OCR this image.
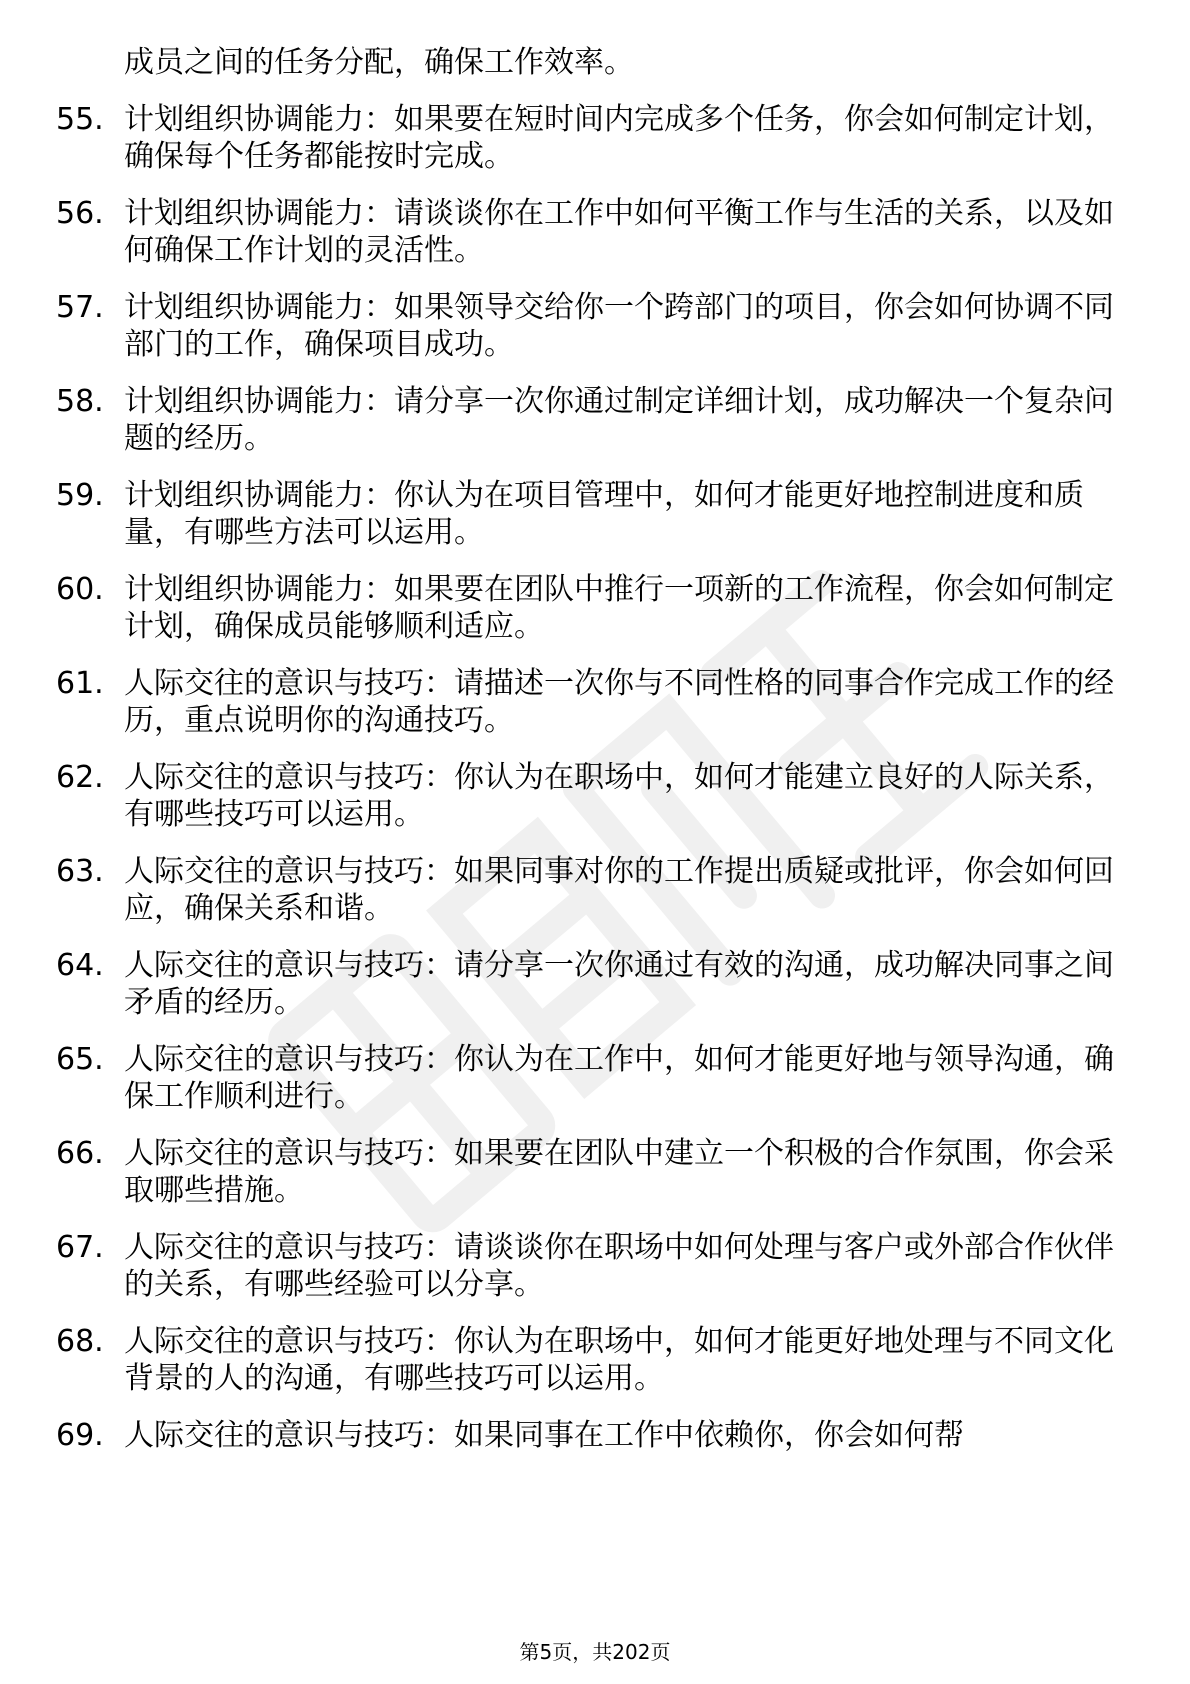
成员之间的任务分配，确保工作效率。
55. 计划组织协调能力：如果要在短时间内完成多个任务，你会如何制定计划，确保每个任务都能按时完成。
56. 计划组织协调能力：请谈谈你在工作中如何平衡工作与生活的关系，以及如何确保工作计划的灵活性。
57. 计划组织协调能力：如果领导交给你一个跨部门的项目，你会如何协调不同部门的工作，确保项目成功。
58. 计划组织协调能力：请分享一次你通过制定详细计划，成功解决一个复杂问题的经历。
59. 计划组织协调能力：你认为在项目管理中，如何才能更好地控制进度和质量，有哪些方法可以运用。
60. 计划组织协调能力：如果要在团队中推行一项新的工作流程，你会如何制定计划，确保成员能够顺利适应。
61. 人际交往的意识与技巧：请描述一次你与不同性格的同事合作完成工作的经历，重点说明你的沟通技巧。
62. 人际交往的意识与技巧：你认为在职场中，如何才能建立良好的人际关系，有哪些技巧可以运用。
63. 人际交往的意识与技巧：如果同事对你的工作提出质疑或批评，你会如何回应，确保关系和谐。
64. 人际交往的意识与技巧：请分享一次你通过有效的沟通，成功解决同事之间矛盾的经历。
65. 人际交往的意识与技巧：你认为在工作中，如何才能更好地与领导沟通，确保工作顺利进行。
66. 人际交往的意识与技巧：如果要在团队中建立一个积极的合作氛围，你会采取哪些措施。
67. 人际交往的意识与技巧：请谈谈你在职场中如何处理与客户或外部合作伙伴的关系，有哪些经验可以分享。
68. 人际交往的意识与技巧：你认为在职场中，如何才能更好地处理与不同文化背景的人的沟通，有哪些技巧可以运用。
69. 人际交往的意识与技巧：如果同事在工作中依赖你，你会如何帮
第5页，共202页
